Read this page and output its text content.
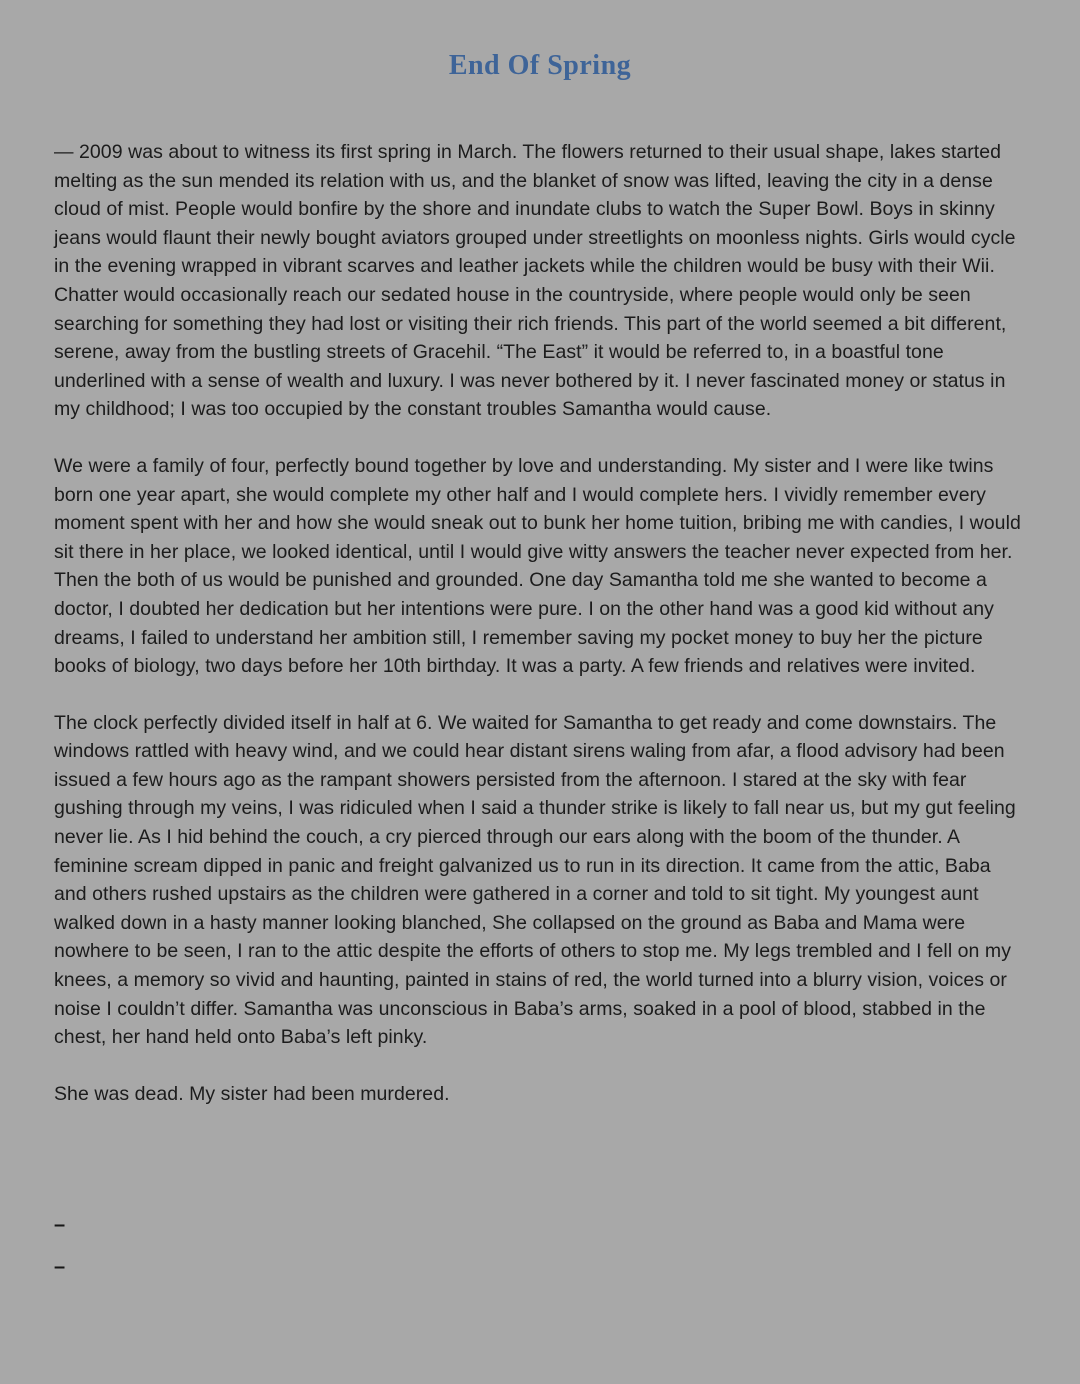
End Of Spring

— 2009 was about to witness its first spring in March. The flowers returned to their usual shape, lakes started melting as the sun mended its relation with us, and the blanket of snow was lifted, leaving the city in a dense cloud of mist. People would bonfire by the shore and inundate clubs to watch the Super Bowl. Boys in skinny jeans would flaunt their newly bought aviators grouped under streetlights on moonless nights. Girls would cycle in the evening wrapped in vibrant scarves and leather jackets while the children would be busy with their Wii. Chatter would occasionally reach our sedated house in the countryside, where people would only be seen searching for something they had lost or visiting their rich friends. This part of the world seemed a bit different, serene, away from the bustling streets of Gracehil. “The East” it would be referred to, in a boastful tone underlined with a sense of wealth and luxury. I was never bothered by it. I never fascinated money or status in my childhood; I was too occupied by the constant troubles Samantha would cause.

We were a family of four, perfectly bound together by love and understanding. My sister and I were like twins born one year apart, she would complete my other half and I would complete hers. I vividly remember every moment spent with her and how she would sneak out to bunk her home tuition, bribing me with candies, I would sit there in her place, we looked identical, until I would give witty answers the teacher never expected from her. Then the both of us would be punished and grounded. One day Samantha told me she wanted to become a doctor, I doubted her dedication but her intentions were pure. I on the other hand was a good kid without any dreams, I failed to understand her ambition still, I remember saving my pocket money to buy her the picture books of biology, two days before her 10th birthday. It was a party. A few friends and relatives were invited.

The clock perfectly divided itself in half at 6. We waited for Samantha to get ready and come downstairs. The windows rattled with heavy wind, and we could hear distant sirens waling from afar, a flood advisory had been issued a few hours ago as the rampant showers persisted from the afternoon. I stared at the sky with fear gushing through my veins, I was ridiculed when I said a thunder strike is likely to fall near us, but my gut feeling never lie. As I hid behind the couch, a cry pierced through our ears along with the boom of the thunder. A feminine scream dipped in panic and freight galvanized us to run in its direction. It came from the attic, Baba and others rushed upstairs as the children were gathered in a corner and told to sit tight. My youngest aunt walked down in a hasty manner looking blanched, She collapsed on the ground as Baba and Mama were nowhere to be seen, I ran to the attic despite the efforts of others to stop me. My legs trembled and I fell on my knees, a memory so vivid and haunting, painted in stains of red, the world turned into a blurry vision, voices or noise I couldn’t differ. Samantha was unconscious in Baba’s arms, soaked in a pool of blood, stabbed in the chest, her hand held onto Baba’s left pinky.

She was dead. My sister had been murdered.

–
–
